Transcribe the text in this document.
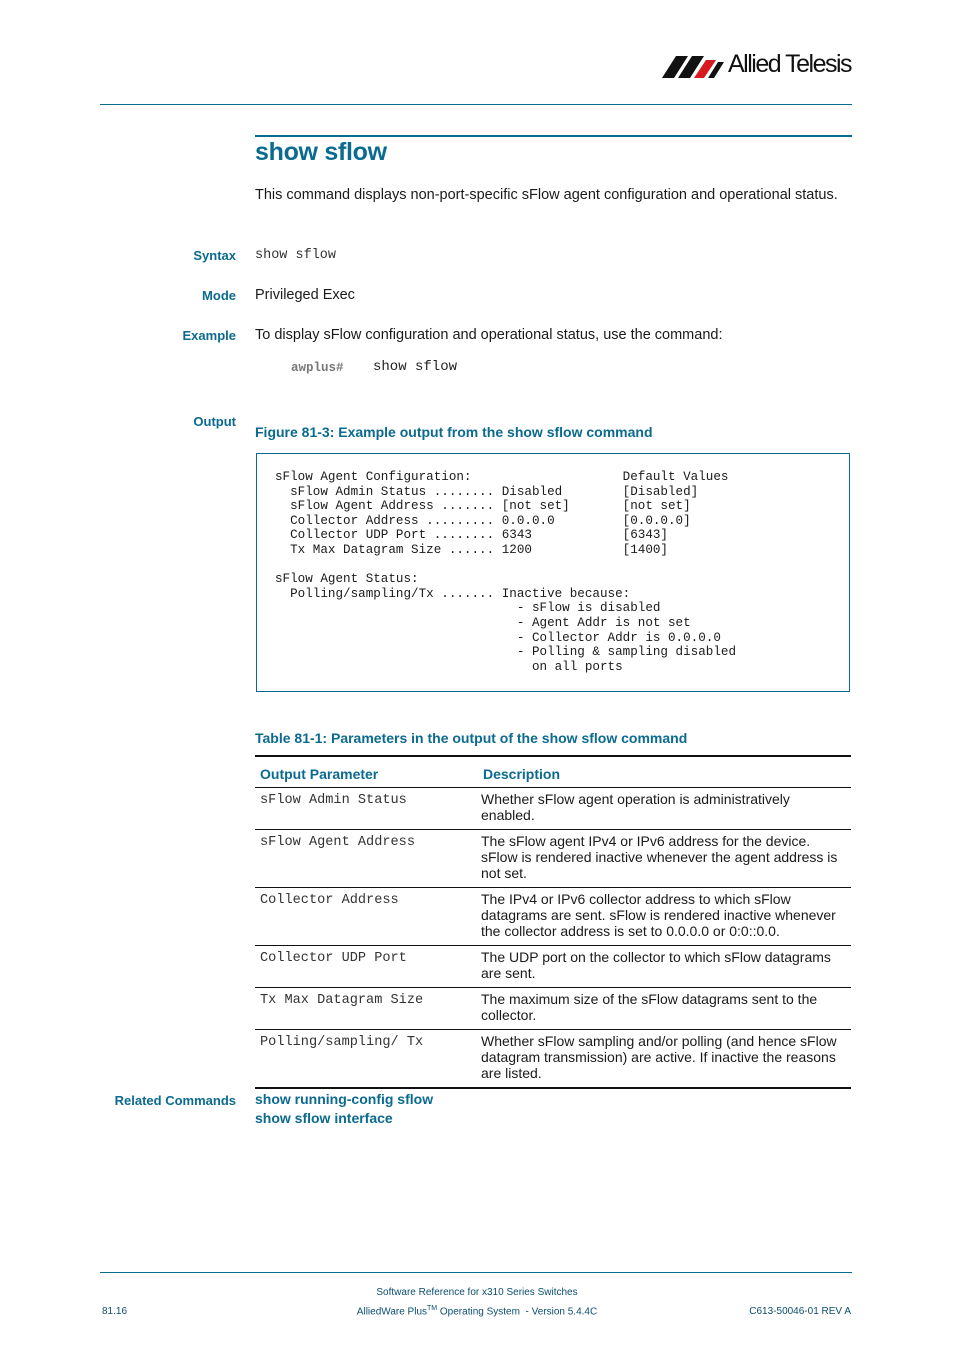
Allied Telesis
show sflow
This command displays non-port-specific sFlow agent configuration and operational status.
Syntax show sflow
Mode Privileged Exec
Example To display sFlow configuration and operational status, use the command:
awplus# show sflow
Output
Figure 81-3: Example output from the show sflow command
sFlow Agent Configuration:                    Default Values
sFlow Admin Status ........ Disabled        [Disabled]
sFlow Agent Address ....... [not set]       [not set]
Collector Address ......... 0.0.0.0         [0.0.0.0]
Collector UDP Port ........ 6343            [6343]
Tx Max Datagram Size ...... 1200            [1400]

sFlow Agent Status:
Polling/sampling/Tx ....... Inactive because:
- sFlow is disabled
- Agent Addr is not set
- Collector Addr is 0.0.0.0
- Polling & sampling disabled
on all ports
Table 81-1: Parameters in the output of the show sflow command
Output Parameter	Description
sFlow Admin Status	Whether sFlow agent operation is administratively enabled.
sFlow Agent Address	The sFlow agent IPv4 or IPv6 address for the device. sFlow is rendered inactive whenever the agent address is not set.
Collector Address	The IPv4 or IPv6 collector address to which sFlow datagrams are sent. sFlow is rendered inactive whenever the collector address is set to 0.0.0.0 or 0:0::0.0.
Collector UDP Port	The UDP port on the collector to which sFlow datagrams are sent.
Tx Max Datagram Size	The maximum size of the sFlow datagrams sent to the collector.
Polling/sampling/ Tx	Whether sFlow sampling and/or polling (and hence sFlow datagram transmission) are active. If inactive the reasons are listed.
Related Commands show running-config sflow
show sflow interface
Software Reference for x310 Series Switches
AlliedWare Plus™ Operating System  - Version 5.4.4C
81.16	C613-50046-01 REV A
